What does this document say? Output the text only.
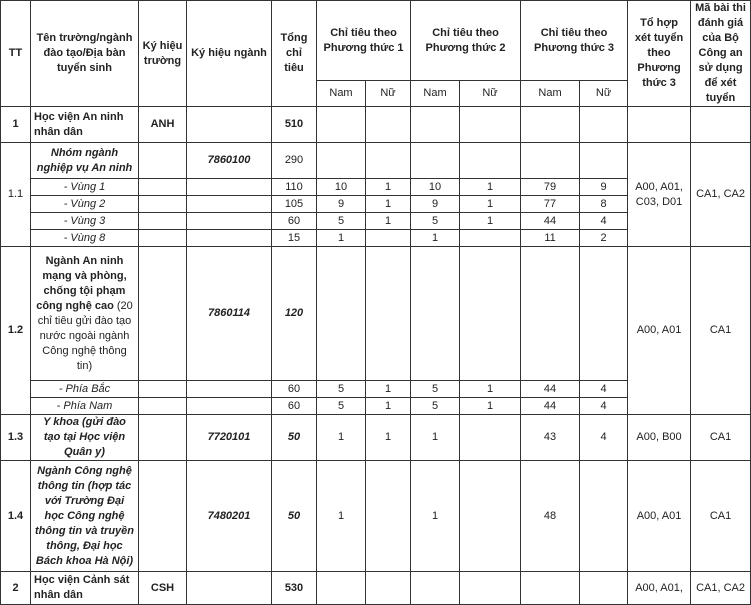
TT	Tên trường/ngành đào tạo/Địa bàn tuyển sinh	Ký hiệu trường	Ký hiệu ngành	Tổng chỉ tiêu	Chỉ tiêu theo Phương thức 1		Chỉ tiêu theo Phương thức 2		Chỉ tiêu theo Phương thức 3		Tổ hợp xét tuyển theo Phương thức 3	Mã bài thi đánh giá của Bộ Công an sử dụng để xét tuyển
					Nam	Nữ	Nam	Nữ	Nam	Nữ		
1	Học viện An ninh nhân dân	ANH		510								
1.1	Nhóm ngành nghiệp vụ An ninh		7860100	290							A00, A01, C03, D01	CA1, CA2
	- Vùng 1			110	10	1	10	1	79	9		
	- Vùng 2			105	9	1	9	1	77	8		
	- Vùng 3			60	5	1	5	1	44	4		
	- Vùng 8			15	1		1		11	2		
1.2	Ngành An ninh mạng và phòng, chống tội phạm công nghệ cao (20 chỉ tiêu gửi đào tạo nước ngoài ngành Công nghệ thông tin)		7860114	120							A00, A01	CA1
	- Phía Bắc			60	5	1	5	1	44	4		
	- Phía Nam			60	5	1	5	1	44	4		
1.3	Y khoa (gửi đào tạo tại Học viện Quân y)		7720101	50	1	1	1		43	4	A00, B00	CA1
1.4	Ngành Công nghệ thông tin (hợp tác với Trường Đại học Công nghệ thông tin và truyền thông, Đại học Bách khoa Hà Nội)		7480201	50	1		1		48		A00, A01	CA1
2	Học viện Cảnh sát nhân dân	CSH		530							A00, A01,	CA1, CA2
